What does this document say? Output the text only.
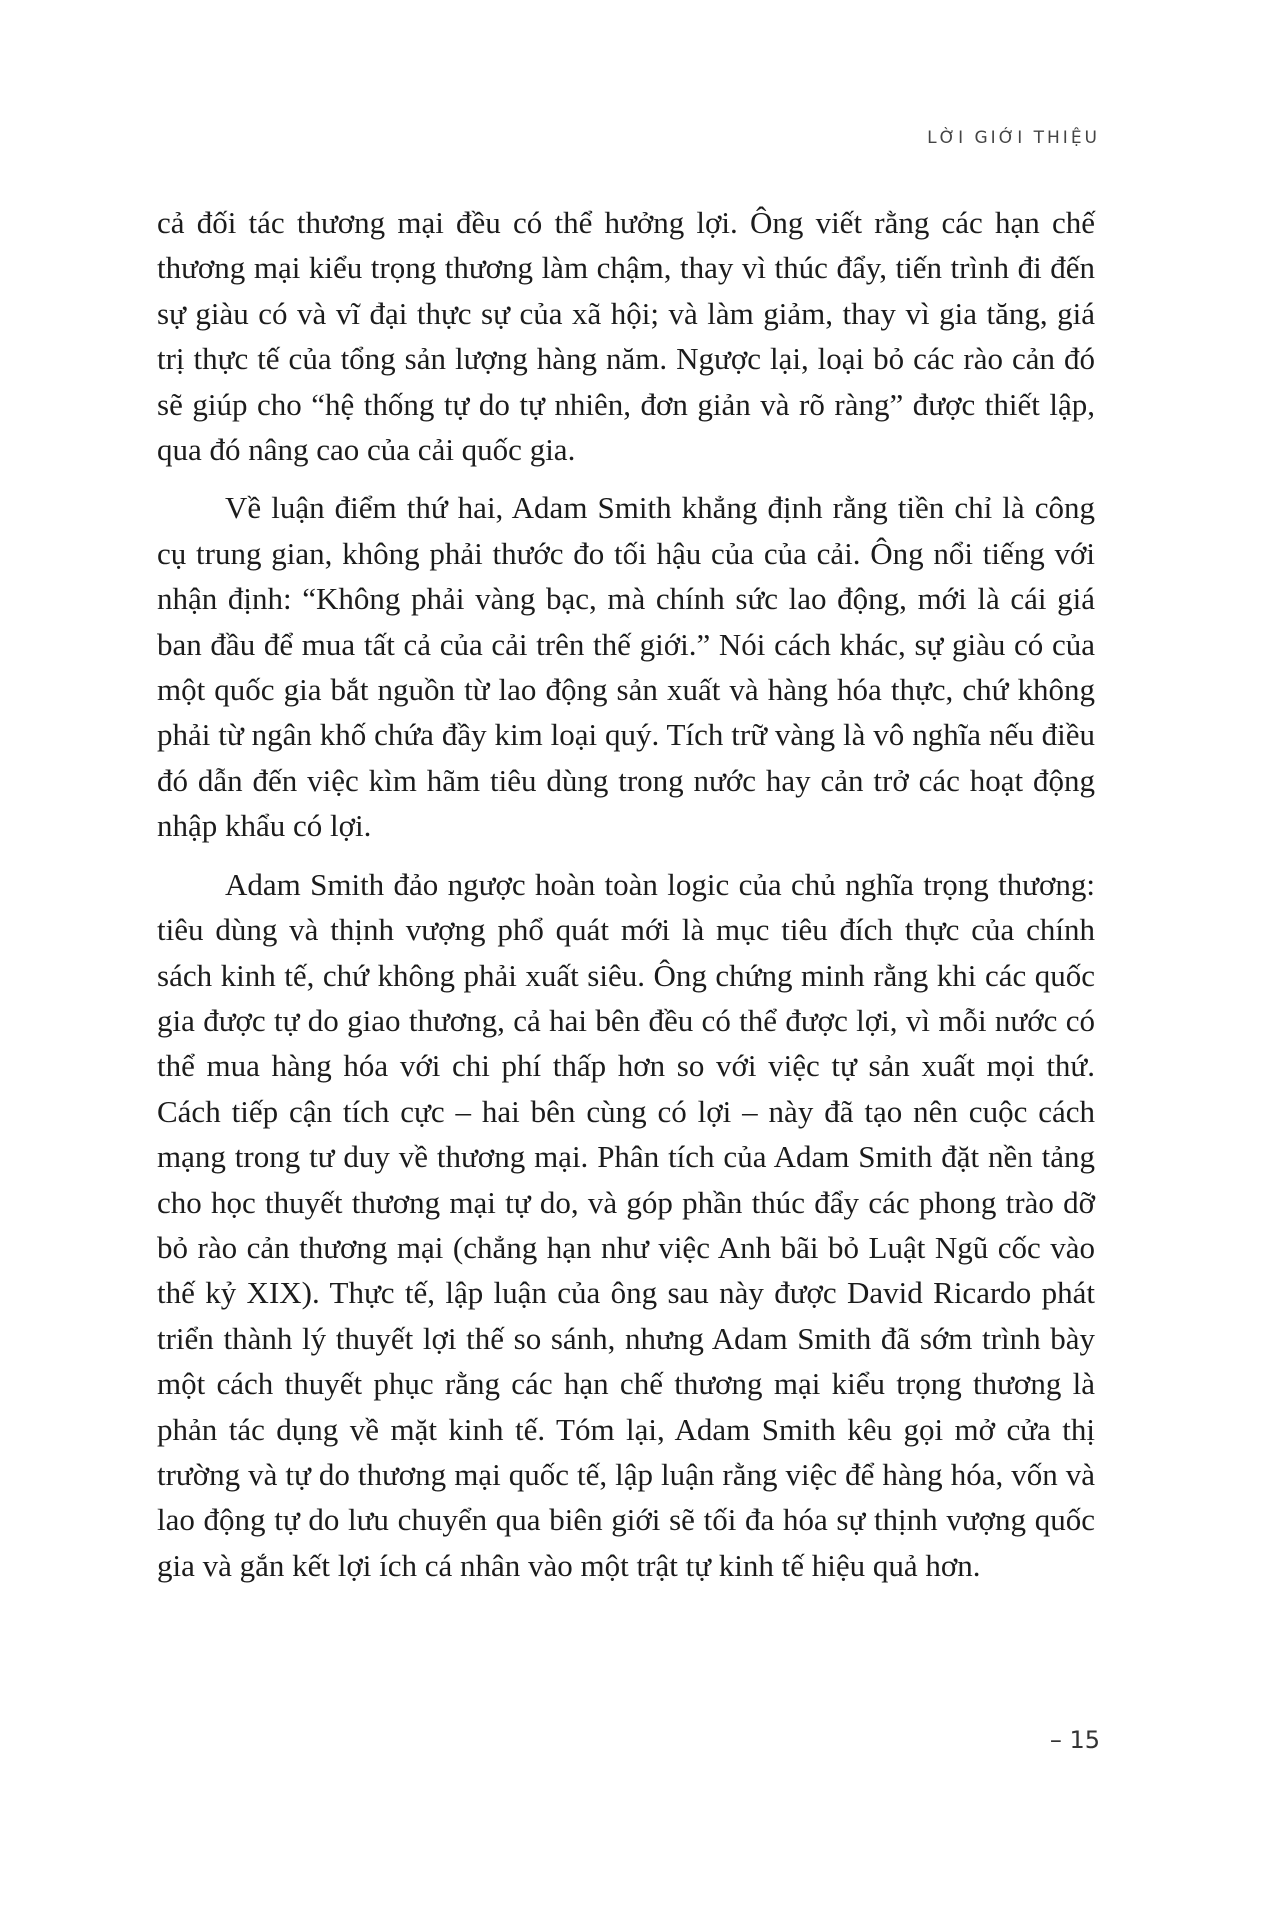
LỜI GIỚI THIỆU

cả đối tác thương mại đều có thể hưởng lợi. Ông viết rằng các hạn chế thương mại kiểu trọng thương làm chậm, thay vì thúc đẩy, tiến trình đi đến sự giàu có và vĩ đại thực sự của xã hội; và làm giảm, thay vì gia tăng, giá trị thực tế của tổng sản lượng hàng năm. Ngược lại, loại bỏ các rào cản đó sẽ giúp cho “hệ thống tự do tự nhiên, đơn giản và rõ ràng” được thiết lập, qua đó nâng cao của cải quốc gia.

Về luận điểm thứ hai, Adam Smith khẳng định rằng tiền chỉ là công cụ trung gian, không phải thước đo tối hậu của của cải. Ông nổi tiếng với nhận định: “Không phải vàng bạc, mà chính sức lao động, mới là cái giá ban đầu để mua tất cả của cải trên thế giới.” Nói cách khác, sự giàu có của một quốc gia bắt nguồn từ lao động sản xuất và hàng hóa thực, chứ không phải từ ngân khố chứa đầy kim loại quý. Tích trữ vàng là vô nghĩa nếu điều đó dẫn đến việc kìm hãm tiêu dùng trong nước hay cản trở các hoạt động nhập khẩu có lợi.

Adam Smith đảo ngược hoàn toàn logic của chủ nghĩa trọng thương: tiêu dùng và thịnh vượng phổ quát mới là mục tiêu đích thực của chính sách kinh tế, chứ không phải xuất siêu. Ông chứng minh rằng khi các quốc gia được tự do giao thương, cả hai bên đều có thể được lợi, vì mỗi nước có thể mua hàng hóa với chi phí thấp hơn so với việc tự sản xuất mọi thứ. Cách tiếp cận tích cực – hai bên cùng có lợi – này đã tạo nên cuộc cách mạng trong tư duy về thương mại. Phân tích của Adam Smith đặt nền tảng cho học thuyết thương mại tự do, và góp phần thúc đẩy các phong trào dỡ bỏ rào cản thương mại (chẳng hạn như việc Anh bãi bỏ Luật Ngũ cốc vào thế kỷ XIX). Thực tế, lập luận của ông sau này được David Ricardo phát triển thành lý thuyết lợi thế so sánh, nhưng Adam Smith đã sớm trình bày một cách thuyết phục rằng các hạn chế thương mại kiểu trọng thương là phản tác dụng về mặt kinh tế. Tóm lại, Adam Smith kêu gọi mở cửa thị trường và tự do thương mại quốc tế, lập luận rằng việc để hàng hóa, vốn và lao động tự do lưu chuyển qua biên giới sẽ tối đa hóa sự thịnh vượng quốc gia và gắn kết lợi ích cá nhân vào một trật tự kinh tế hiệu quả hơn.

– 15
